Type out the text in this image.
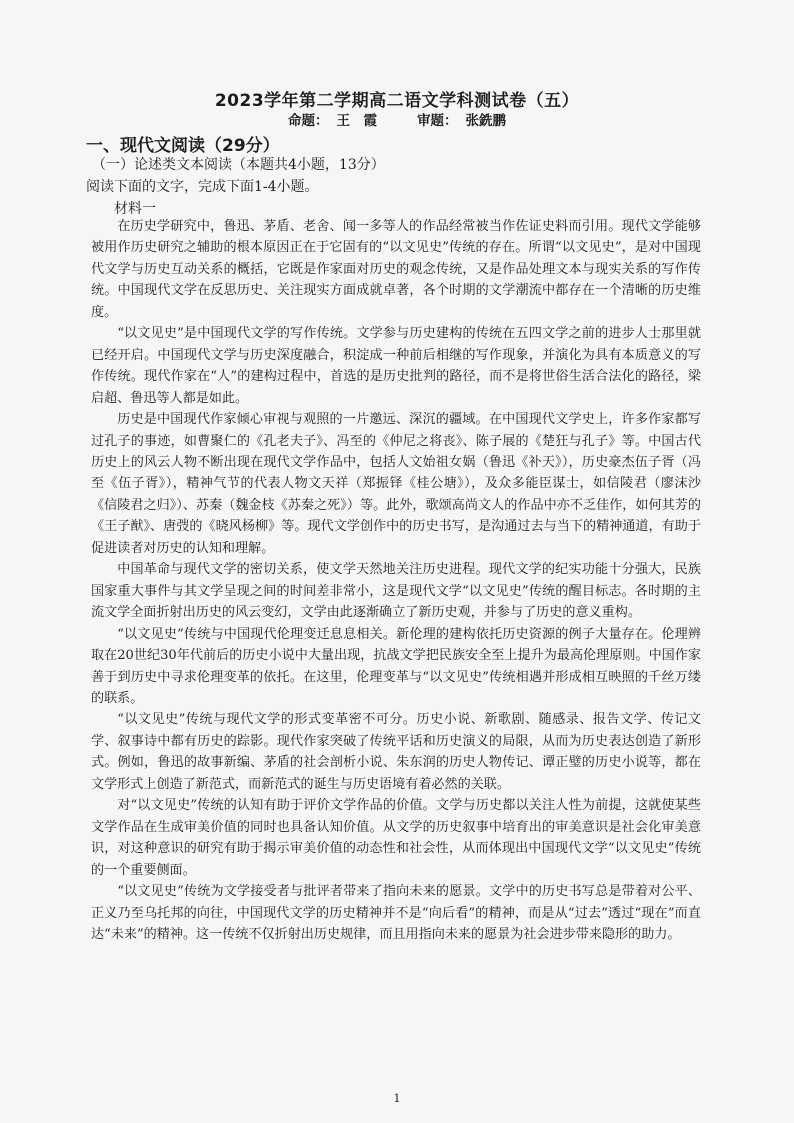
2023学年第二学期高二语文学科测试卷（五）
命题： 王　霞	审题： 张銑鹏
一、现代文阅读（29分）
（一）论述类文本阅读（本题共4小题，13分）
阅读下面的文字，完成下面1-4小题。
材料一

在历史学研究中，鲁迅、茅盾、老舍、闻一多等人的作品经常被当作佐证史料而引用。现代文学能够被用作历史研究之辅助的根本原因正在于它固有的“以文见史”传统的存在。所谓“以文见史”，是对中国现代文学与历史互动关系的概括，它既是作家面对历史的观念传统，又是作品处理文本与现实关系的写作传统。中国现代文学在反思历史、关注现实方面成就卓著，各个时期的文学潮流中都存在一个清晰的历史维度。

“以文见史”是中国现代文学的写作传统。文学参与历史建构的传统在五四文学之前的进步人士那里就已经开启。中国现代文学与历史深度融合，积淀成一种前后相继的写作现象，并演化为具有本质意义的写作传统。现代作家在“人”的建构过程中，首选的是历史批判的路径，而不是将世俗生活合法化的路径，梁启超、鲁迅等人都是如此。

历史是中国现代作家倾心审视与观照的一片邀远、深沉的疆域。在中国现代文学史上，许多作家都写过孔子的事迹，如曹聚仁的《孔老夫子》、冯至的《仲尼之将丧》、陈子展的《楚狂与孔子》等。中国古代历史上的风云人物不断出现在现代文学作品中，包括人文始祖女娲（鲁迅《补天》），历史豪杰伍子胥（冯至《伍子胥》），精神气节的代表人物文天祥（郑振铎《桂公塘》），及众多能臣谋士，如信陵君（廖沫沙《信陵君之归》）、苏秦（魏金枝《苏秦之死》）等。此外，歌颂高尚文人的作品中亦不乏佳作，如何其芳的《王子猷》、唐弢的《晓风杨柳》等。现代文学创作中的历史书写，是沟通过去与当下的精神通道，有助于促进读者对历史的认知和理解。

中国革命与现代文学的密切关系，使文学天然地关注历史进程。现代文学的纪实功能十分强大，民族国家重大事件与其文学呈现之间的时间差非常小，这是现代文学“以文见史”传统的醒目标志。各时期的主流文学全面折射出历史的风云变幻，文学由此逐渐确立了新历史观，并参与了历史的意义重构。

“以文见史”传统与中国现代伦理变迁息息相关。新伦理的建构依托历史资源的例子大量存在。伦理辨取在20世纪30年代前后的历史小说中大量出现，抗战文学把民族安全至上提升为最高伦理原则。中国作家善于到历史中寻求伦理变革的依托。在这里，伦理变革与“以文见史”传统相遇并形成相互映照的千丝万缕的联系。

“以文见史”传统与现代文学的形式变革密不可分。历史小说、新歌剧、随感录、报告文学、传记文学、叙事诗中都有历史的踪影。现代作家突破了传统平话和历史演义的局限，从而为历史表达创造了新形式。例如，鲁迅的故事新编、茅盾的社会剖析小说、朱东润的历史人物传记、谭正璧的历史小说等，都在文学形式上创造了新范式，而新范式的诞生与历史语境有着必然的关联。

对“以文见史”传统的认知有助于评价文学作品的价值。文学与历史都以关注人性为前提，这就使某些文学作品在生成审美价值的同时也具备认知价值。从文学的历史叙事中培育出的审美意识是社会化审美意识，对这种意识的研究有助于揭示审美价值的动态性和社会性，从而体现出中国现代文学“以文见史”传统的一个重要侧面。

“以文见史”传统为文学接受者与批评者带来了指向未来的愿景。文学中的历史书写总是带着对公平、正义乃至乌托邦的向往，中国现代文学的历史精神并不是“向后看”的精神，而是从“过去”透过“现在”而直达“未来”的精神。这一传统不仅折射出历史规律，而且用指向未来的愿景为社会进步带来隐形的助力。

1
